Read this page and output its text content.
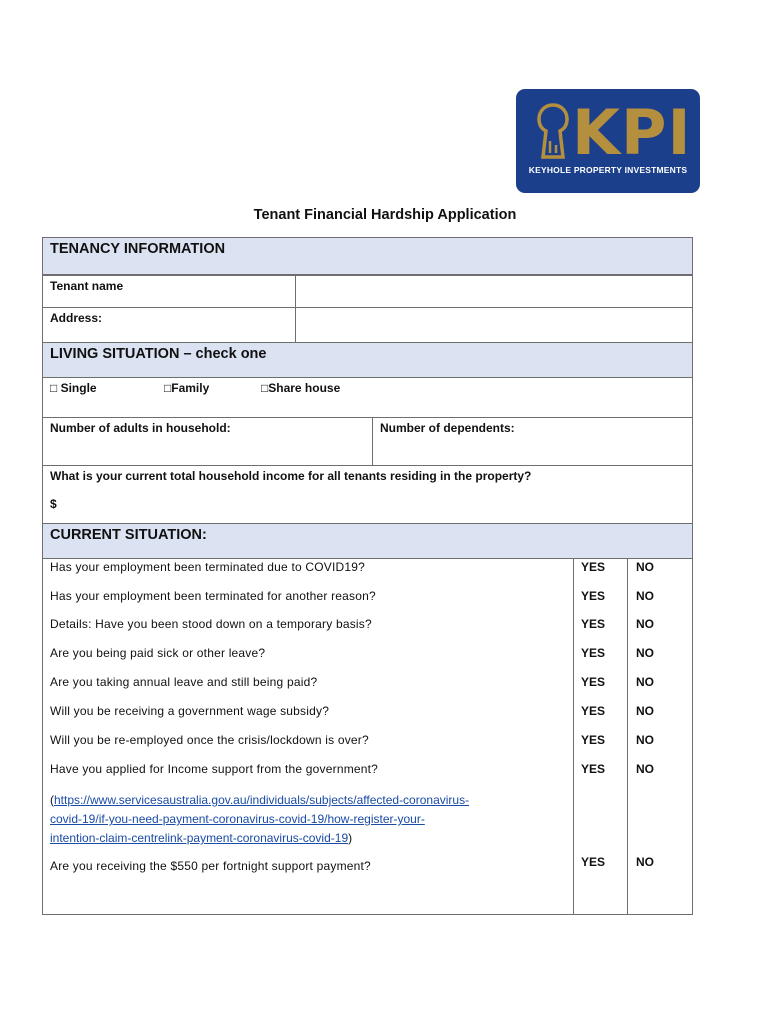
KPI
KEYHOLE PROPERTY INVESTMENTS
Tenant Financial Hardship Application
TENANCY INFORMATION
Tenant name
Address:
LIVING SITUATION – check one
□ Single	□Family	□Share house
Number of adults in household:	Number of dependents:
What is your current total household income for all tenants residing in the property?
$
CURRENT SITUATION:
Has your employment been terminated due to COVID19?	YES	NO
Has your employment been terminated for another reason?	YES	NO
Details: Have you been stood down on a temporary basis?	YES	NO
Are you being paid sick or other leave?	YES	NO
Are you taking annual leave and still being paid?	YES	NO
Will you be receiving a government wage subsidy?	YES	NO
Will you be re-employed once the crisis/lockdown is over?	YES	NO
Have you applied for Income support from the government?	YES	NO
(https://www.servicesaustralia.gov.au/individuals/subjects/affected-coronavirus-
covid-19/if-you-need-payment-coronavirus-covid-19/how-register-your-
intention-claim-centrelink-payment-coronavirus-covid-19)
Are you receiving the $550 per fortnight support payment?	YES	NO
